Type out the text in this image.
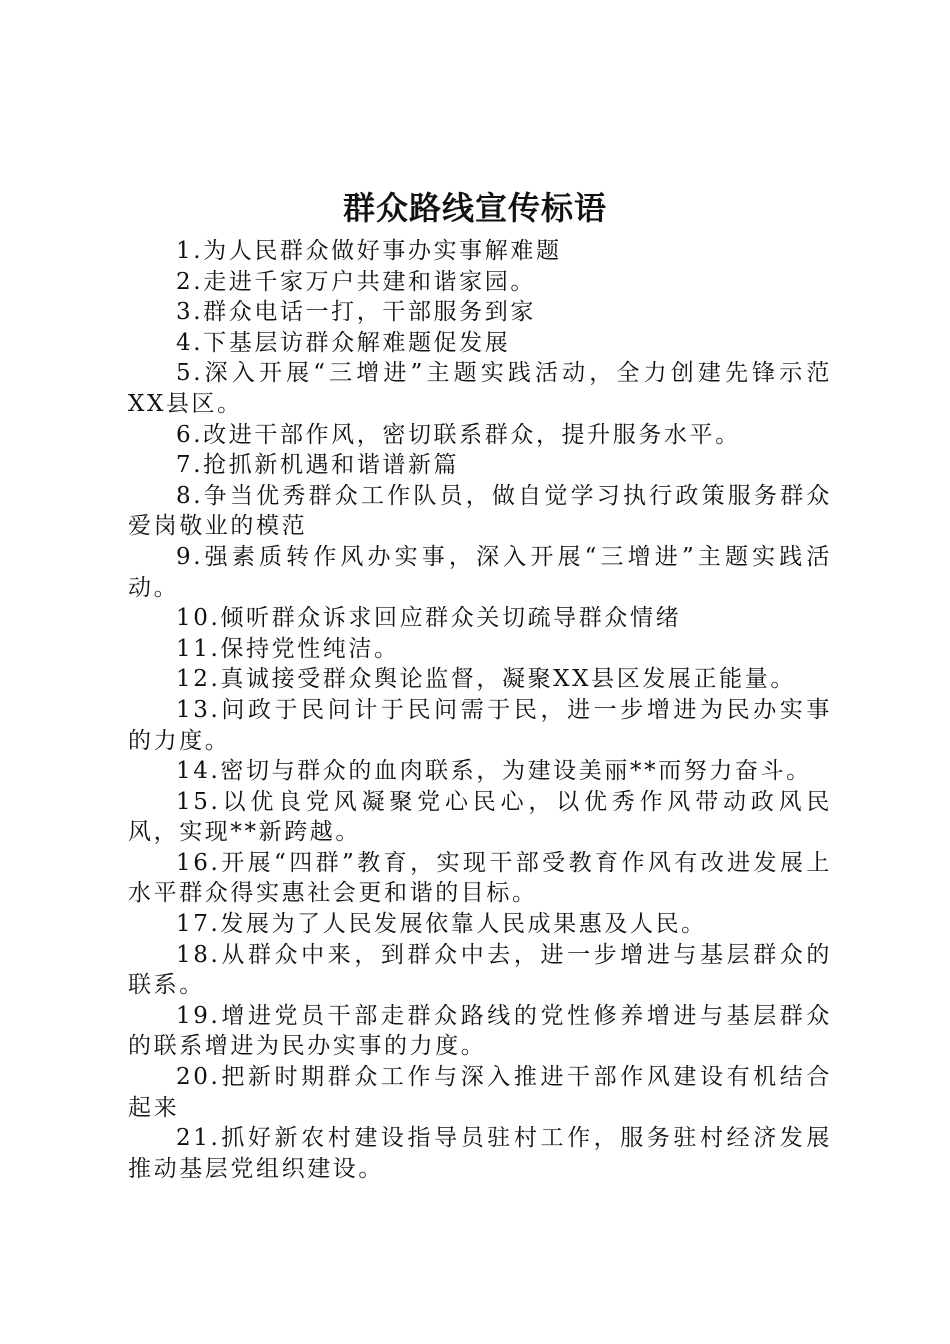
群众路线宣传标语
1.为人民群众做好事办实事解难题
2.走进千家万户共建和谐家园。
3.群众电话一打，干部服务到家
4.下基层访群众解难题促发展
5.深入开展“三增进”主题实践活动，全力创建先锋示范XX县区。
6.改进干部作风，密切联系群众，提升服务水平。
7.抢抓新机遇和谐谱新篇
8.争当优秀群众工作队员，做自觉学习执行政策服务群众爱岗敬业的模范
9.强素质转作风办实事，深入开展“三增进”主题实践活动。
10.倾听群众诉求回应群众关切疏导群众情绪
11.保持党性纯洁。
12.真诚接受群众舆论监督，凝聚XX县区发展正能量。
13.问政于民问计于民问需于民，进一步增进为民办实事的力度。
14.密切与群众的血肉联系，为建设美丽**而努力奋斗。
15.以优良党风凝聚党心民心，以优秀作风带动政风民风，实现**新跨越。
16.开展“四群”教育，实现干部受教育作风有改进发展上水平群众得实惠社会更和谐的目标。
17.发展为了人民发展依靠人民成果惠及人民。
18.从群众中来，到群众中去，进一步增进与基层群众的联系。
19.增进党员干部走群众路线的党性修养增进与基层群众的联系增进为民办实事的力度。
20.把新时期群众工作与深入推进干部作风建设有机结合起来
21.抓好新农村建设指导员驻村工作，服务驻村经济发展推动基层党组织建设。
